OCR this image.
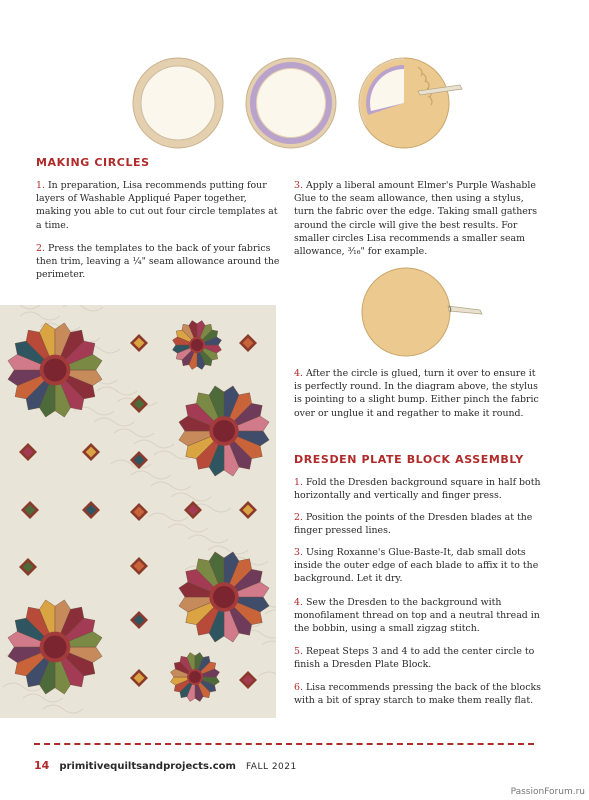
MAKING CIRCLES

1. In preparation, Lisa recommends putting four layers of Washable Appliqué Paper together, making you able to cut out four circle templates at a time.

2. Press the templates to the back of your fabrics then trim, leaving a ¼" seam allowance around the perimeter.

3. Apply a liberal amount Elmer's Purple Washable Glue to the seam allowance, then using a stylus, turn the fabric over the edge. Taking small gathers around the circle will give the best results. For smaller circles Lisa recommends a smaller seam allowance, ³⁄₁₆" for example.

4. After the circle is glued, turn it over to ensure it is perfectly round. In the diagram above, the stylus is pointing to a slight bump. Either pinch the fabric over or unglue it and regather to make it round.

DRESDEN PLATE BLOCK ASSEMBLY

1. Fold the Dresden background square in half both horizontally and vertically and finger press.

2. Position the points of the Dresden blades at the finger pressed lines.

3. Using Roxanne's Glue-Baste-It, dab small dots inside the outer edge of each blade to affix it to the background. Let it dry.

4. Sew the Dresden to the background with monofilament thread on top and a neutral thread in the bobbin, using a small zigzag stitch.

5. Repeat Steps 3 and 4 to add the center circle to finish a Dresden Plate Block.

6. Lisa recommends pressing the back of the blocks with a bit of spray starch to make them really flat.

14 primitivequiltsandprojects.com FALL 2021
PassionForum.ru
